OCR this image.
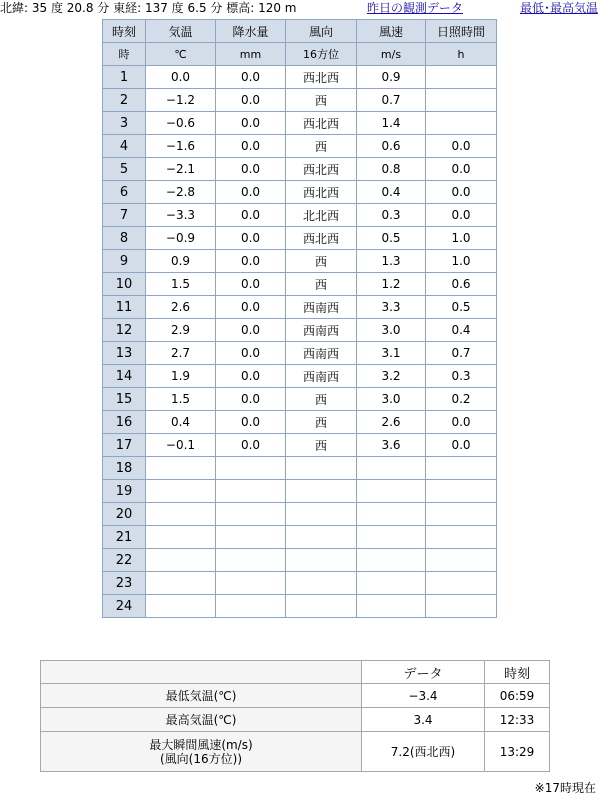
北緯: 35 度 20.8 分 東経: 137 度 6.5 分 標高: 120 m	昨日の観測データ	最低･最高気温
時刻	気温	降水量	風向	風速	日照時間
時	℃	mm	16方位	m/s	h
1	0.0	0.0	西北西	0.9	
2	−1.2	0.0	西	0.7	
3	−0.6	0.0	西北西	1.4	
4	−1.6	0.0	西	0.6	0.0
5	−2.1	0.0	西北西	0.8	0.0
6	−2.8	0.0	西北西	0.4	0.0
7	−3.3	0.0	北北西	0.3	0.0
8	−0.9	0.0	西北西	0.5	1.0
9	0.9	0.0	西	1.3	1.0
10	1.5	0.0	西	1.2	0.6
11	2.6	0.0	西南西	3.3	0.5
12	2.9	0.0	西南西	3.0	0.4
13	2.7	0.0	西南西	3.1	0.7
14	1.9	0.0	西南西	3.2	0.3
15	1.5	0.0	西	3.0	0.2
16	0.4	0.0	西	2.6	0.0
17	−0.1	0.0	西	3.6	0.0
18					
19					
20					
21					
22					
23					
24					
	データ	時刻
最低気温(℃)	−3.4	06:59
最高気温(℃)	3.4	12:33
最大瞬間風速(m/s)
(風向(16方位))	7.2(西北西)	13:29
※17時現在
